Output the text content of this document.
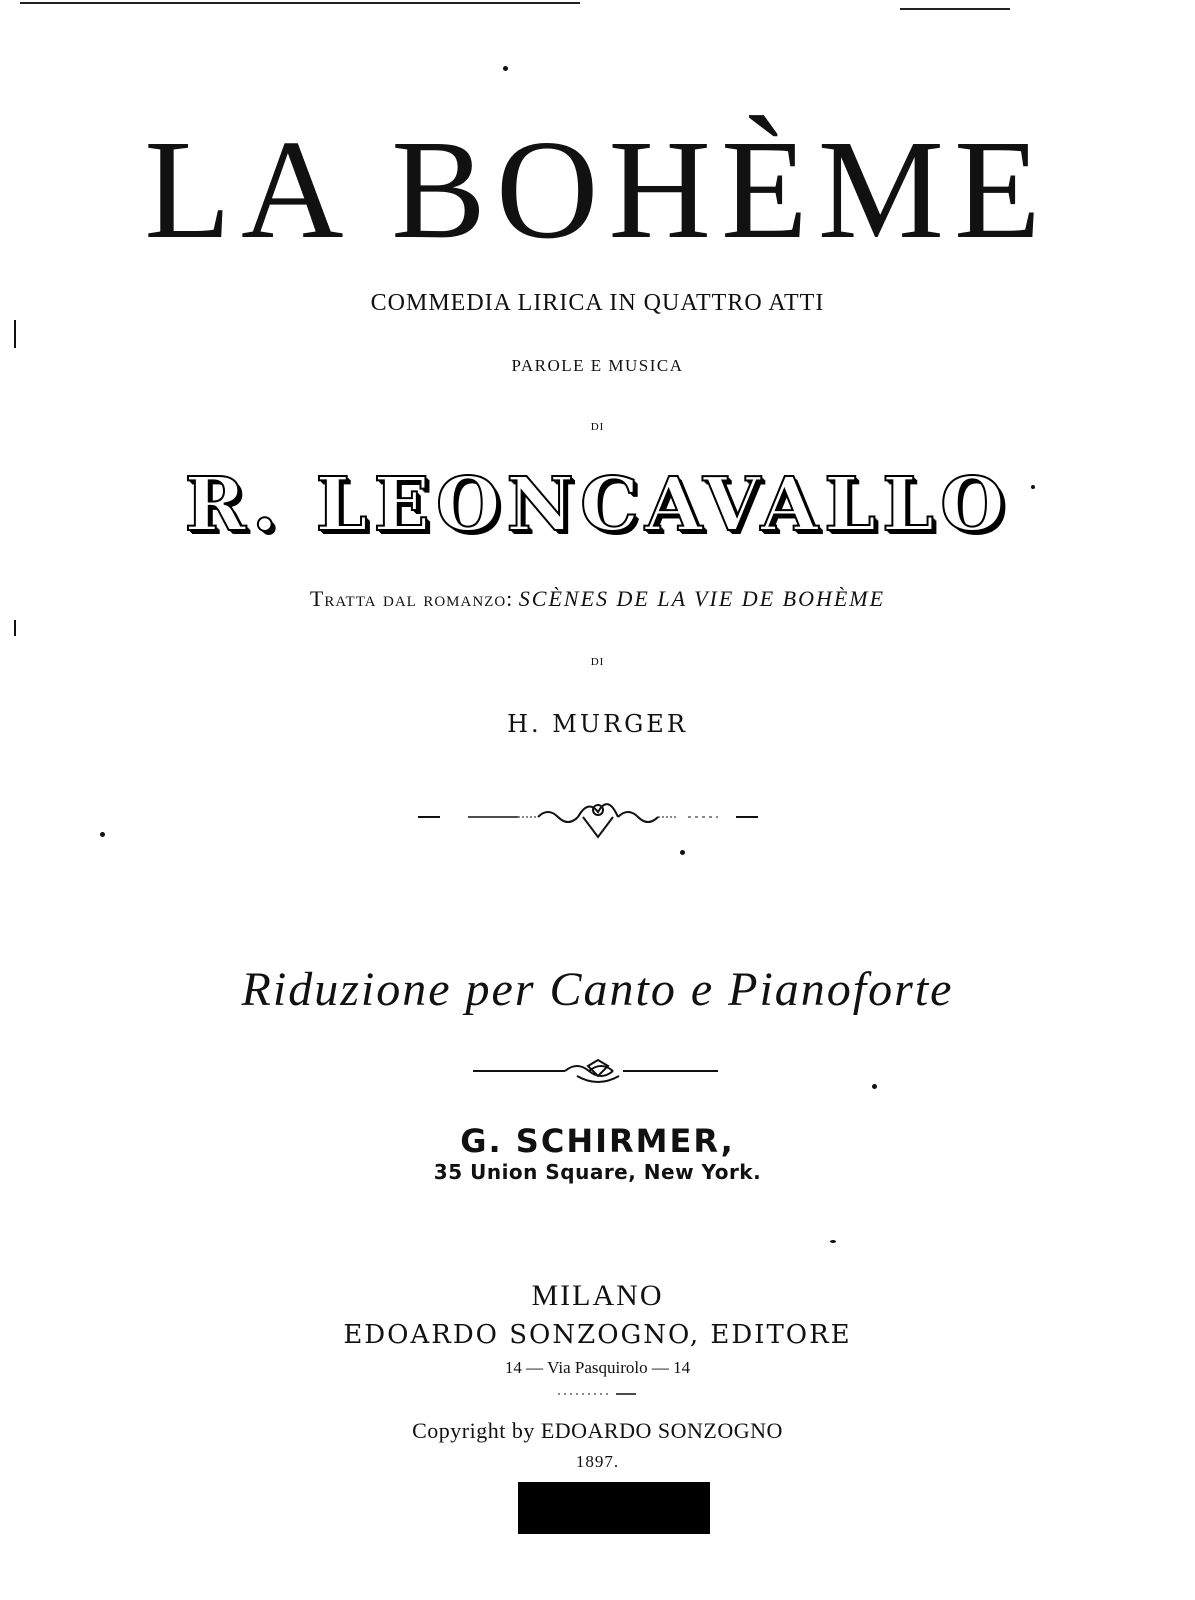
LA BOHÈME
COMMEDIA LIRICA IN QUATTRO ATTI
PAROLE E MUSICA
DI
R. LEONCAVALLO
Tratta dal romanzo: SCÈNES DE LA VIE DE BOHÈME
DI
H. MURGER
Riduzione per Canto e Pianoforte
G. SCHIRMER,
35 Union Square, New York.
MILANO
EDOARDO SONZOGNO, EDITORE
14 — Via Pasquirolo — 14
Copyright by EDOARDO SONZOGNO
1897.
